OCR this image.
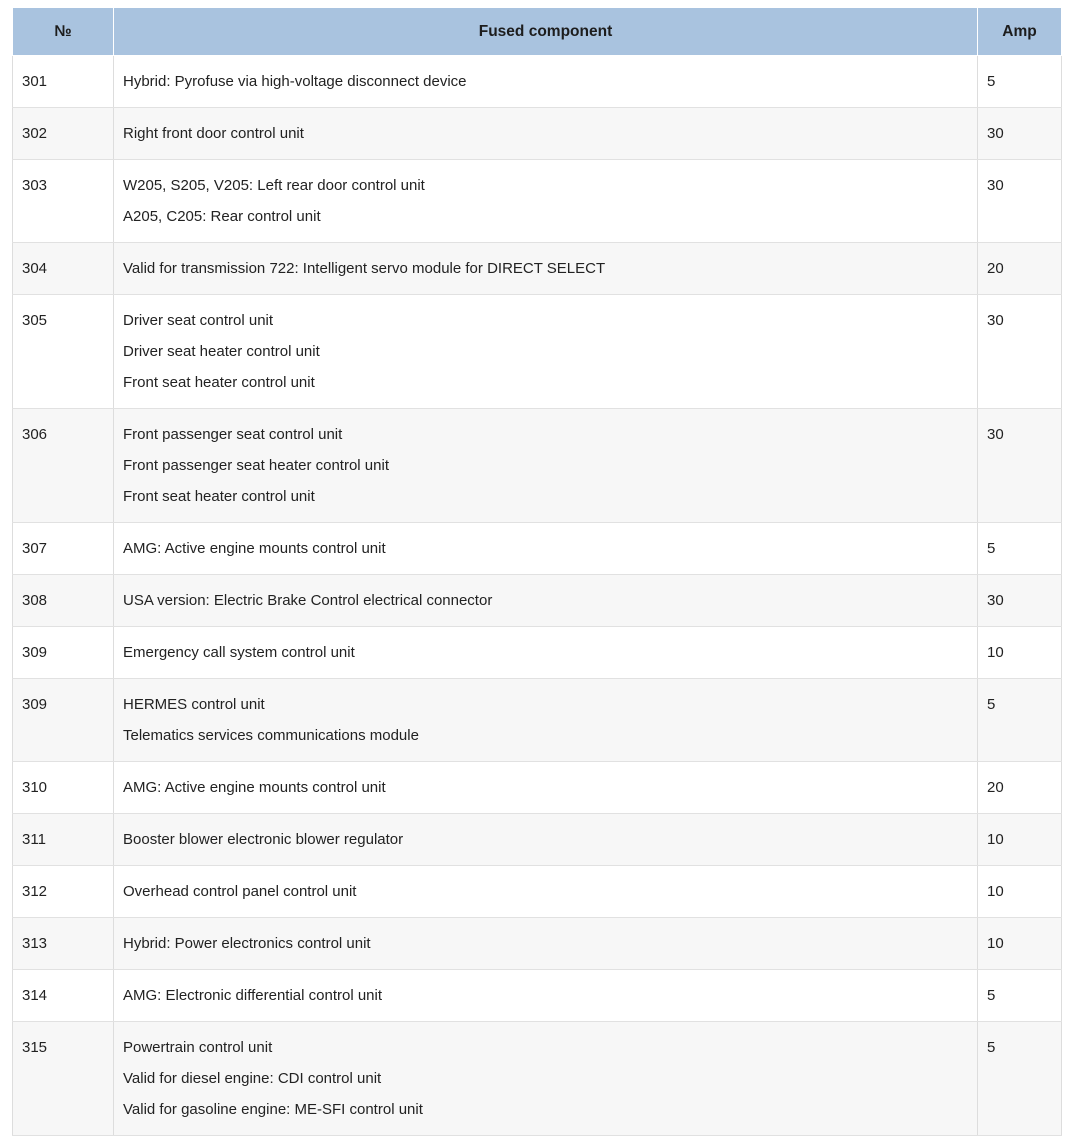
№	Fused component	Amp
301	Hybrid: Pyrofuse via high-voltage disconnect device	5
302	Right front door control unit	30
303	W205, S205, V205: Left rear door control unit
A205, C205: Rear control unit	30
304	Valid for transmission 722: Intelligent servo module for DIRECT SELECT	20
305	Driver seat control unit
Driver seat heater control unit
Front seat heater control unit	30
306	Front passenger seat control unit
Front passenger seat heater control unit
Front seat heater control unit	30
307	AMG: Active engine mounts control unit	5
308	USA version: Electric Brake Control electrical connector	30
309	Emergency call system control unit	10
309	HERMES control unit
Telematics services communications module	5
310	AMG: Active engine mounts control unit	20
311	Booster blower electronic blower regulator	10
312	Overhead control panel control unit	10
313	Hybrid: Power electronics control unit	10
314	AMG: Electronic differential control unit	5
315	Powertrain control unit
Valid for diesel engine: CDI control unit
Valid for gasoline engine: ME-SFI control unit	5
